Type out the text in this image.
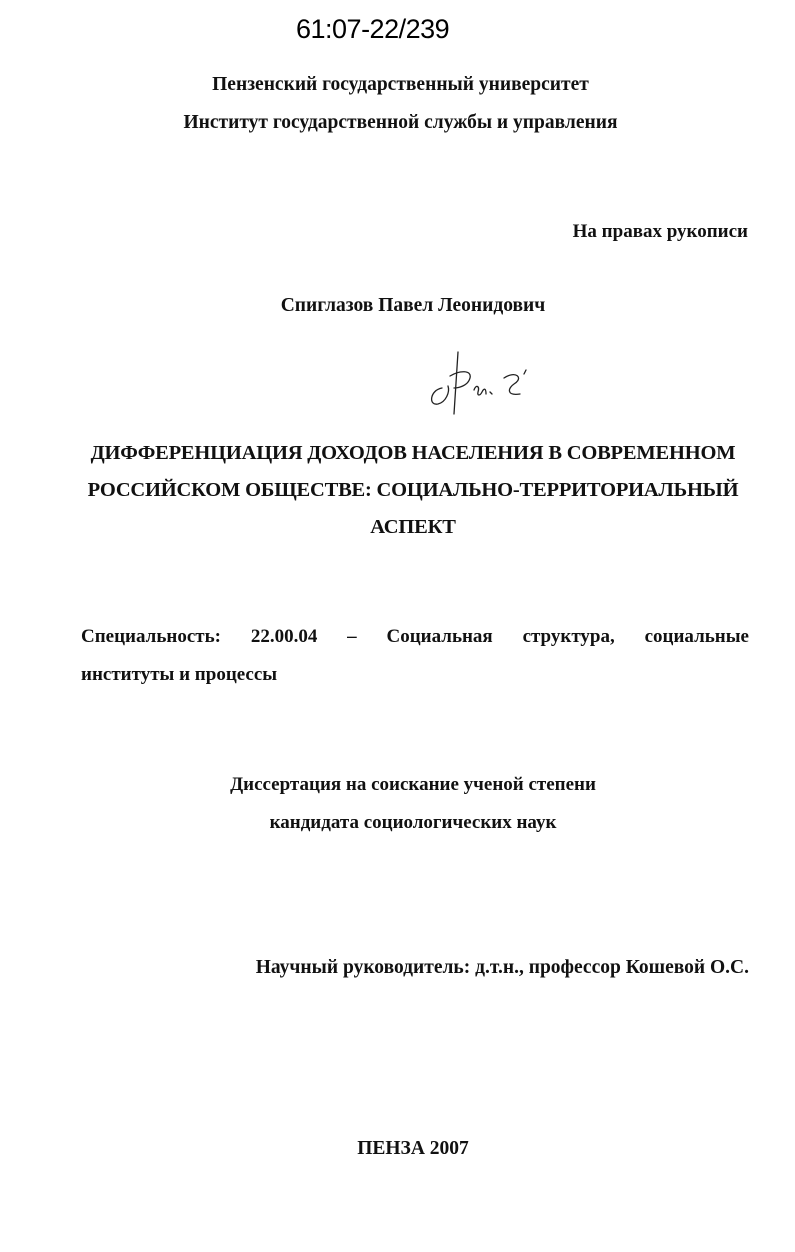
61:07-22/239
Пензенский государственный университет
Институт государственной службы и управления
На правах рукописи
Спиглазов Павел Леонидович
ДИФФЕРЕНЦИАЦИЯ ДОХОДОВ НАСЕЛЕНИЯ В СОВРЕМЕННОМ
РОССИЙСКОМ ОБЩЕСТВЕ: СОЦИАЛЬНО-ТЕРРИТОРИАЛЬНЫЙ
АСПЕКТ
Специальность: 22.00.04 – Социальная структура, социальные
институты и процессы
Диссертация на соискание ученой степени
кандидата социологических наук
Научный руководитель: д.т.н., профессор Кошевой О.С.
ПЕНЗА 2007
